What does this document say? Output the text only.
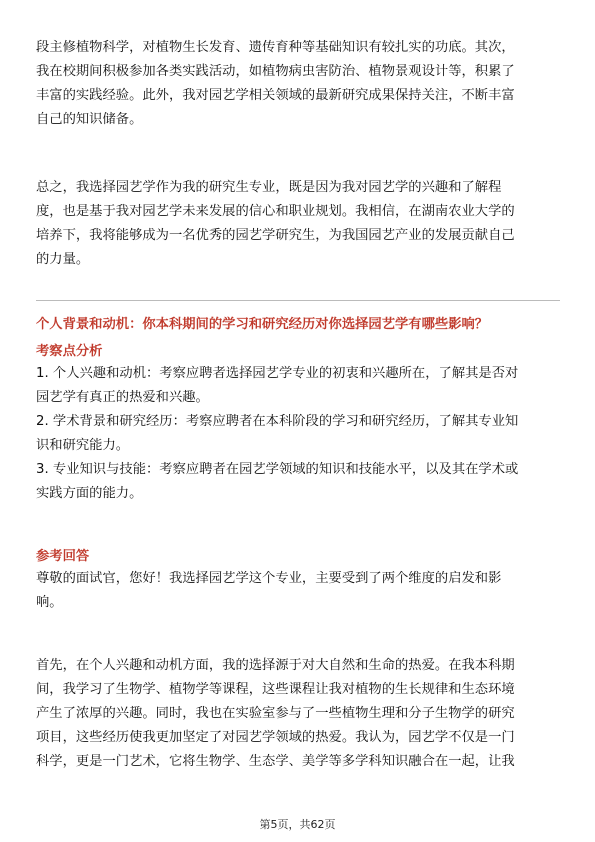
段主修植物科学，对植物生长发育、遗传育种等基础知识有较扎实的功底。其次，
我在校期间积极参加各类实践活动，如植物病虫害防治、植物景观设计等，积累了
丰富的实践经验。此外，我对园艺学相关领域的最新研究成果保持关注，不断丰富
自己的知识储备。

总之，我选择园艺学作为我的研究生专业，既是因为我对园艺学的兴趣和了解程
度，也是基于我对园艺学未来发展的信心和职业规划。我相信，在湖南农业大学的
培养下，我将能够成为一名优秀的园艺学研究生，为我国园艺产业的发展贡献自己
的力量。

个人背景和动机：你本科期间的学习和研究经历对你选择园艺学有哪些影响？

考察点分析

1. 个人兴趣和动机：考察应聘者选择园艺学专业的初衷和兴趣所在，了解其是否对
园艺学有真正的热爱和兴趣。
2. 学术背景和研究经历：考察应聘者在本科阶段的学习和研究经历，了解其专业知
识和研究能力。
3. 专业知识与技能：考察应聘者在园艺学领域的知识和技能水平，以及其在学术或
实践方面的能力。

参考回答

尊敬的面试官，您好！我选择园艺学这个专业，主要受到了两个维度的启发和影
响。

首先，在个人兴趣和动机方面，我的选择源于对大自然和生命的热爱。在我本科期
间，我学习了生物学、植物学等课程，这些课程让我对植物的生长规律和生态环境
产生了浓厚的兴趣。同时，我也在实验室参与了一些植物生理和分子生物学的研究
项目，这些经历使我更加坚定了对园艺学领域的热爱。我认为，园艺学不仅是一门
科学，更是一门艺术，它将生物学、生态学、美学等多学科知识融合在一起，让我

第5页，共62页
